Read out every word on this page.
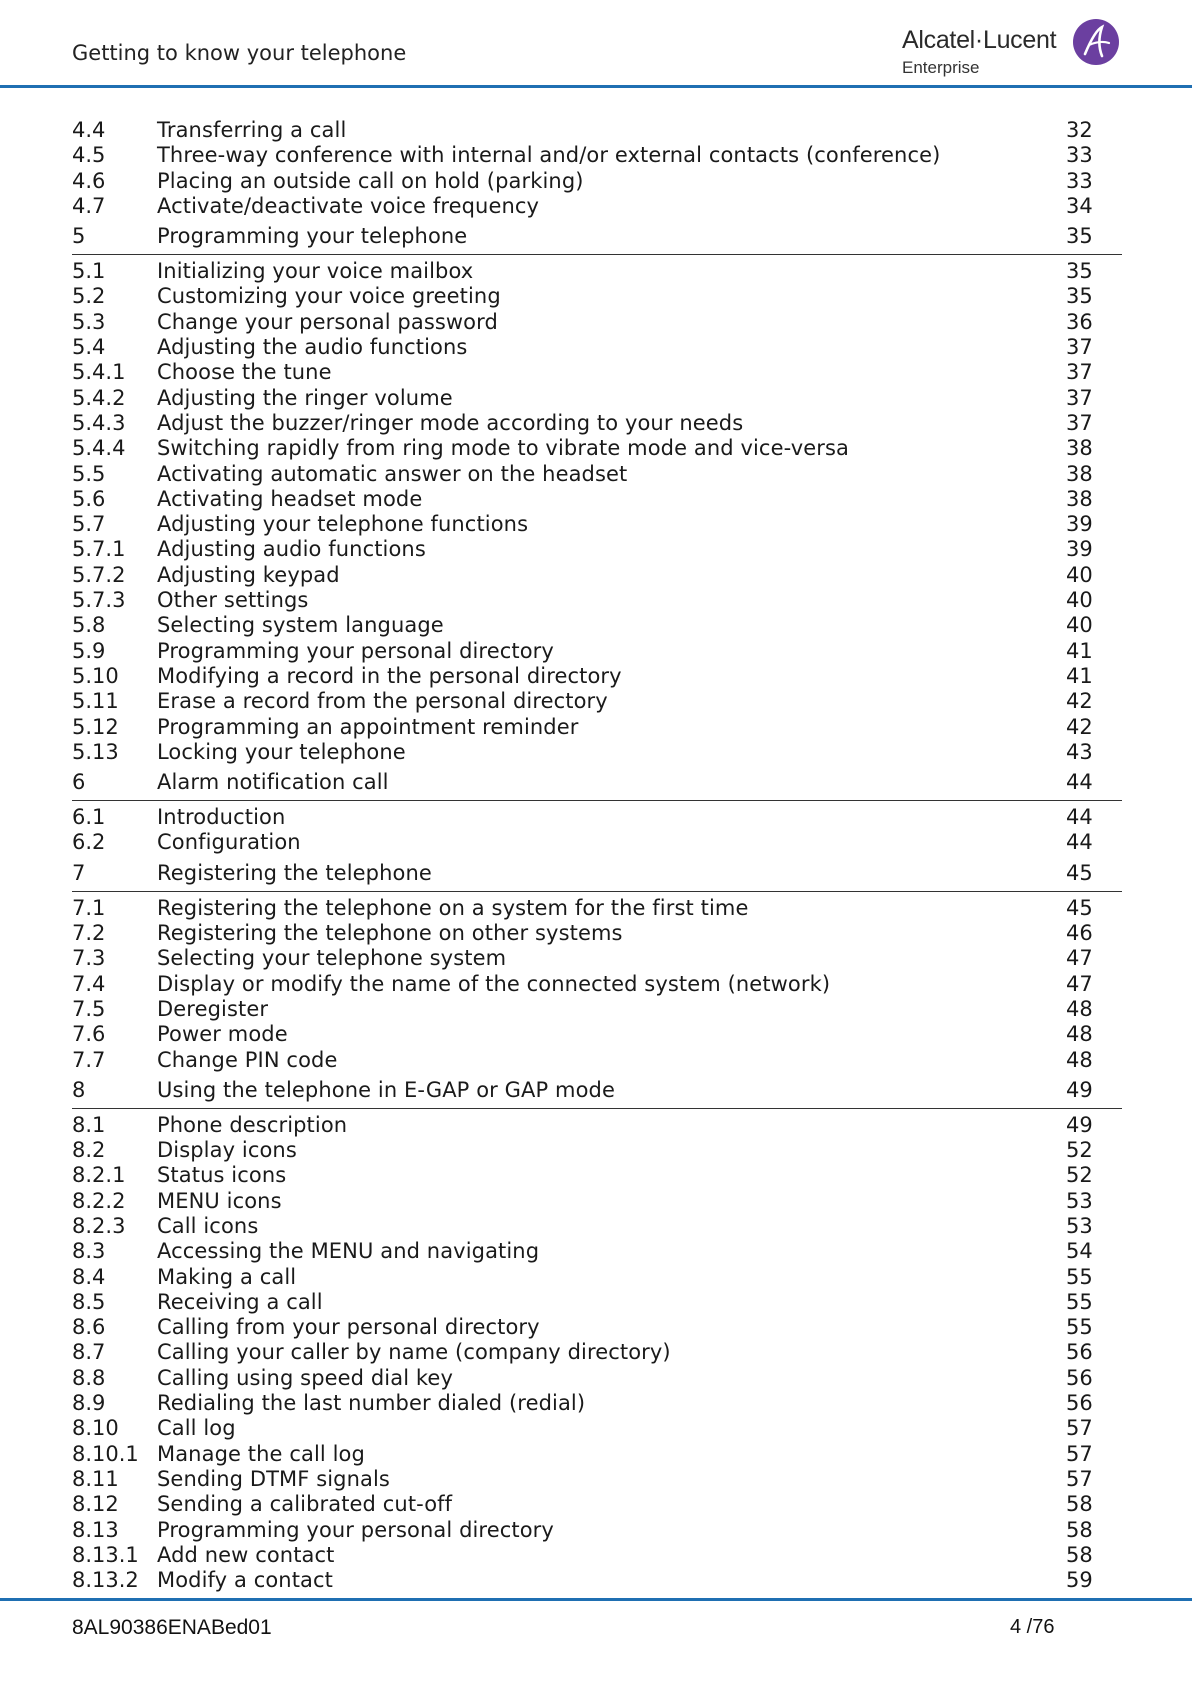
Getting to know your telephone	Alcatel·Lucent
Enterprise
4.4 Transferring a call	32
4.5 Three-way conference with internal and/or external contacts (conference)	33
4.6 Placing an outside call on hold (parking)	33
4.7 Activate/deactivate voice frequency	34
5	Programming your telephone	35
5.1 Initializing your voice mailbox	35
5.2 Customizing your voice greeting	35
5.3 Change your personal password	36
5.4 Adjusting the audio functions	37
5.4.1 Choose the tune	37
5.4.2 Adjusting the ringer volume	37
5.4.3 Adjust the buzzer/ringer mode according to your needs	37
5.4.4 Switching rapidly from ring mode to vibrate mode and vice-versa	38
5.5 Activating automatic answer on the headset	38
5.6 Activating headset mode	38
5.7 Adjusting your telephone functions	39
5.7.1 Adjusting audio functions	39
5.7.2 Adjusting keypad	40
5.7.3 Other settings	40
5.8 Selecting system language	40
5.9 Programming your personal directory	41
5.10 Modifying a record in the personal directory	41
5.11 Erase a record from the personal directory	42
5.12 Programming an appointment reminder	42
5.13 Locking your telephone	43
6	Alarm notification call	44
6.1 Introduction	44
6.2 Configuration	44
7	Registering the telephone	45
7.1 Registering the telephone on a system for the first time	45
7.2 Registering the telephone on other systems	46
7.3 Selecting your telephone system	47
7.4 Display or modify the name of the connected system (network)	47
7.5 Deregister	48
7.6 Power mode	48
7.7 Change PIN code	48
8	Using the telephone in E-GAP or GAP mode	49
8.1 Phone description	49
8.2 Display icons	52
8.2.1 Status icons	52
8.2.2 MENU icons	53
8.2.3 Call icons	53
8.3 Accessing the MENU and navigating	54
8.4 Making a call	55
8.5 Receiving a call	55
8.6 Calling from your personal directory	55
8.7 Calling your caller by name (company directory)	56
8.8 Calling using speed dial key	56
8.9 Redialing the last number dialed (redial)	56
8.10 Call log	57
8.10.1 Manage the call log	57
8.11 Sending DTMF signals	57
8.12 Sending a calibrated cut-off	58
8.13 Programming your personal directory	58
8.13.1 Add new contact	58
8.13.2 Modify a contact	59
8AL90386ENABed01	4 /76
